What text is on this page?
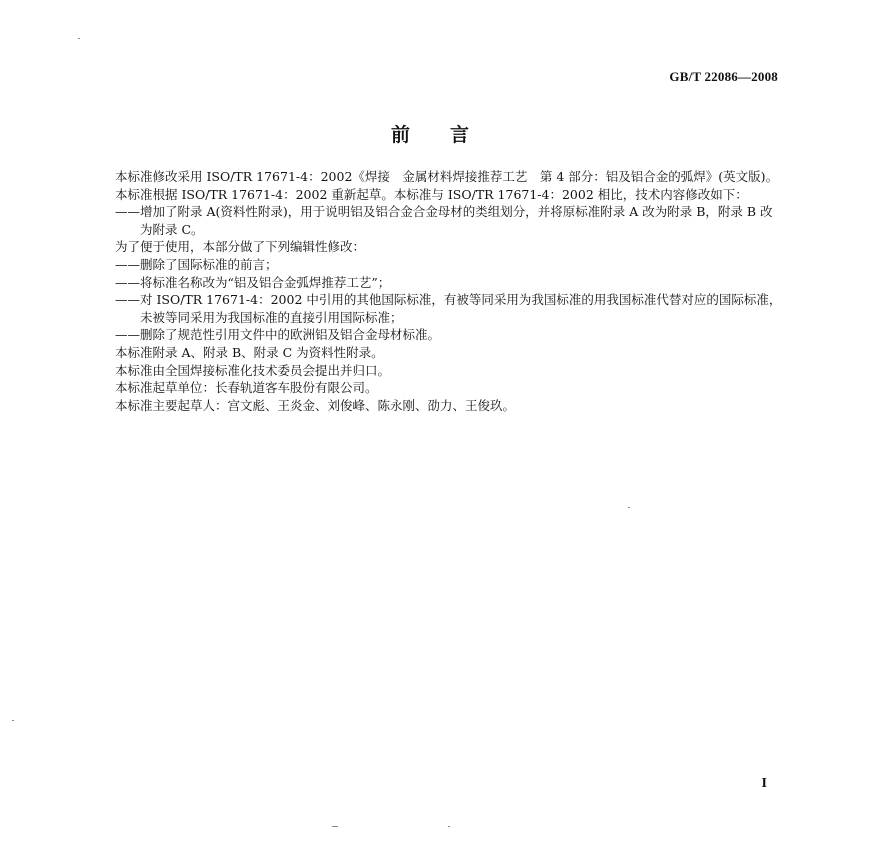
GB/T 22086—2008
前言

本标准修改采用 ISO/TR 17671-4：2002《焊接　金属材料焊接推荐工艺　第 4 部分：铝及铝合金的弧焊》(英文版)。

本标准根据 ISO/TR 17671-4：2002 重新起草。本标准与 ISO/TR 17671-4：2002 相比，技术内容修改如下：

——增加了附录 A(资料性附录)，用于说明铝及铝合金合金母材的类组划分，并将原标准附录 A 改为附录 B，附录 B 改为附录 C。

为了便于使用，本部分做了下列编辑性修改：

——删除了国际标准的前言；

——将标准名称改为“铝及铝合金弧焊推荐工艺”；

——对 ISO/TR 17671-4：2002 中引用的其他国际标准，有被等同采用为我国标准的用我国标准代替对应的国际标准，未被等同采用为我国标准的直接引用国际标准；

——删除了规范性引用文件中的欧洲铝及铝合金母材标准。

本标准附录 A、附录 B、附录 C 为资料性附录。

本标准由全国焊接标准化技术委员会提出并归口。

本标准起草单位：长春轨道客车股份有限公司。

本标准主要起草人：宫文彪、王炎金、刘俊峰、陈永刚、劭力、王俊玖。

I
